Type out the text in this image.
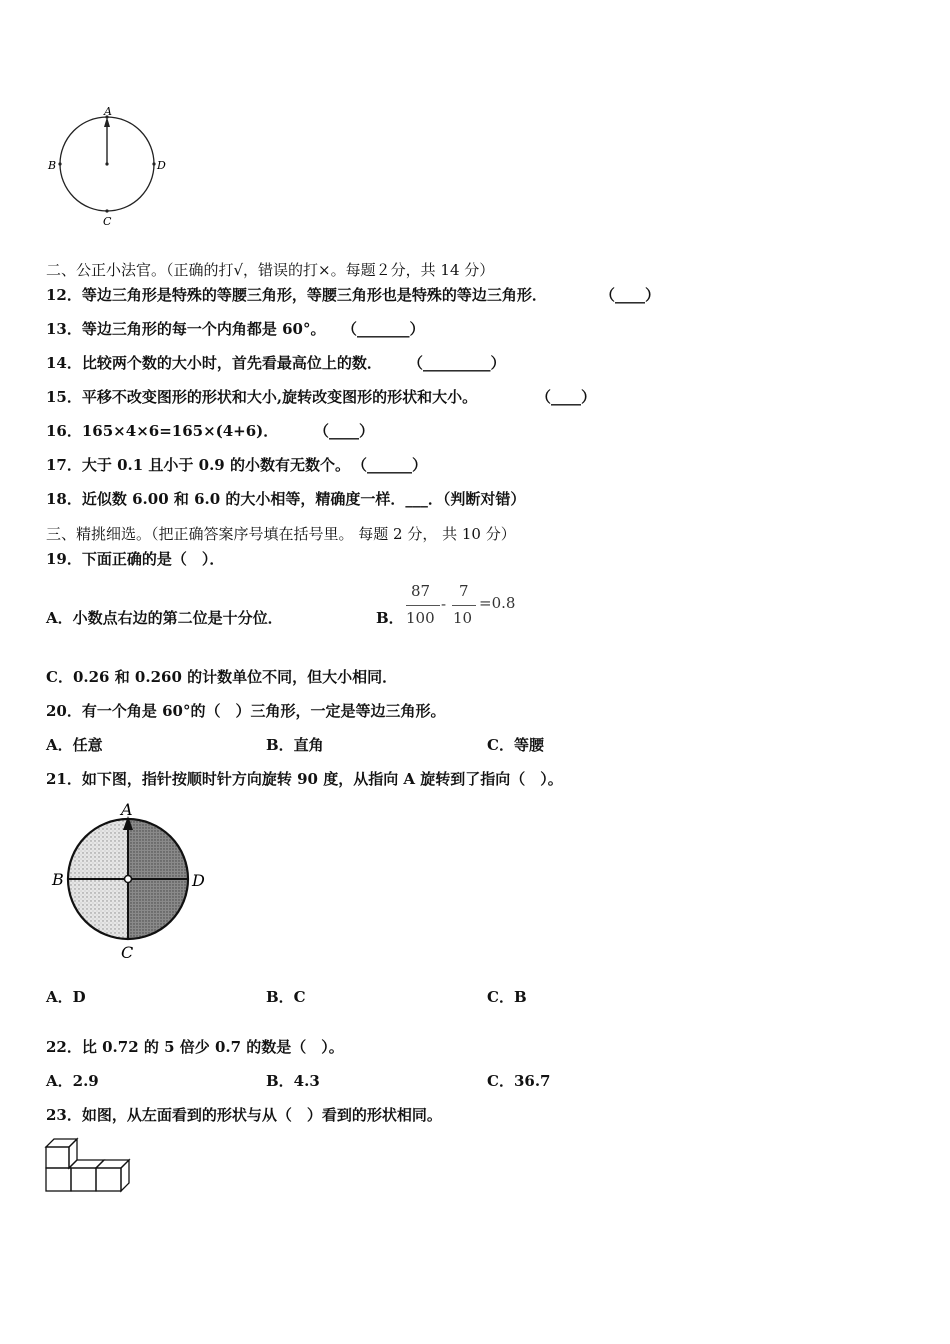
A
B	D
C
二、公正小法官。（正确的打√，错误的打×。每题２分，共 14 分）
12．等边三角形是特殊的等腰三角形，等腰三角形也是特殊的等边三角形．	（____）
13．等边三角形的每一个内角都是 60°。 （_______）
14．比较两个数的大小时，首先看最高位上的数． （_________）
15．平移不改变图形的形状和大小,旋转改变图形的形状和大小。	（____）
16．165×4×6=165×(4+6)． （____）
17．大于 0.1 且小于 0.9 的小数有无数个。 （______）
18．近似数 6.00 和 6.0 的大小相等，精确度一样．___．（判断对错）
三、精挑细选。（把正确答案序号填在括号里。 每题 2 分， 共 10 分）
19．下面正确的是（　）．
A．小数点右边的第二位是十分位．	B．
87
100
-
7
10
=0.8
C．0.26 和 0.260 的计数单位不同，但大小相同．
20．有一个角是 60°的（　）三角形，一定是等边三角形。
A．任意	B．直角	C．等腰
21．如下图，指针按顺时针方向旋转 90 度，从指向 A 旋转到了指向（　）。
A
B	D
C
A．D	B．C	C．B
22．比 0.72 的 5 倍少 0.7 的数是（　）。
A．2.9	B．4.3	C．36.7
23．如图，从左面看到的形状与从（　）看到的形状相同。
